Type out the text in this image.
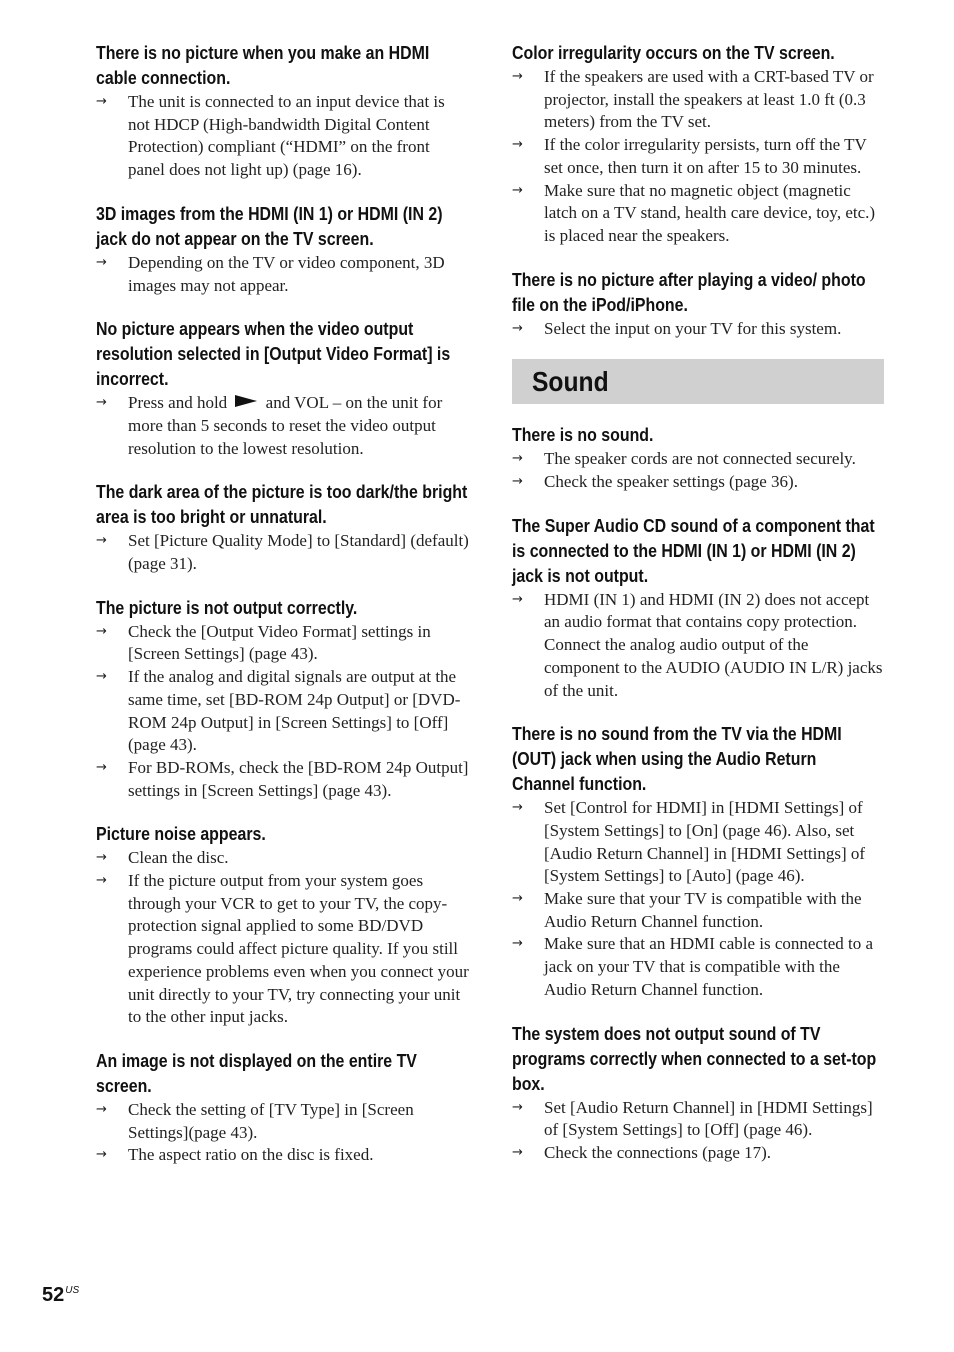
There is no picture when you make an HDMI cable connection.
→	The unit is connected to an input device that is not HDCP (High-bandwidth Digital Content Protection) compliant (“HDMI” on the front panel does not light up) (page 16).
3D images from the HDMI (IN 1) or HDMI (IN 2) jack do not appear on the TV screen.
→	Depending on the TV or video component, 3D images may not appear.
No picture appears when the video output resolution selected in [Output Video Format] is incorrect.
→	Press and hold and VOL – on the unit for more than 5 seconds to reset the video output resolution to the lowest resolution.
The dark area of the picture is too dark/the bright area is too bright or unnatural.
→	Set [Picture Quality Mode] to [Standard] (default) (page 31).
The picture is not output correctly.
→	Check the [Output Video Format] settings in [Screen Settings] (page 43).
→	If the analog and digital signals are output at the same time, set [BD-ROM 24p Output] or [DVD-ROM 24p Output] in [Screen Settings] to [Off] (page 43).
→	For BD-ROMs, check the [BD-ROM 24p Output] settings in [Screen Settings] (page 43).
Picture noise appears.
→	Clean the disc.
→	If the picture output from your system goes through your VCR to get to your TV, the copy-protection signal applied to some BD/DVD programs could affect picture quality. If you still experience problems even when you connect your unit directly to your TV, try connecting your unit to the other input jacks.
An image is not displayed on the entire TV screen.
→	Check the setting of [TV Type] in [Screen Settings](page 43).
→	The aspect ratio on the disc is fixed.
Color irregularity occurs on the TV screen.
→	If the speakers are used with a CRT-based TV or projector, install the speakers at least 1.0 ft (0.3 meters) from the TV set.
→	If the color irregularity persists, turn off the TV set once, then turn it on after 15 to 30 minutes.
→	Make sure that no magnetic object (magnetic latch on a TV stand, health care device, toy, etc.) is placed near the speakers.
There is no picture after playing a video/ photo file on the iPod/iPhone.
→	Select the input on your TV for this system.
Sound
There is no sound.
→	The speaker cords are not connected securely.
→	Check the speaker settings (page 36).
The Super Audio CD sound of a component that is connected to the HDMI (IN 1) or HDMI (IN 2) jack is not output.
→	HDMI (IN 1) and HDMI (IN 2) does not accept an audio format that contains copy protection. Connect the analog audio output of the component to the AUDIO (AUDIO IN L/R) jacks of the unit.
There is no sound from the TV via the HDMI (OUT) jack when using the Audio Return Channel function.
→	Set [Control for HDMI] in [HDMI Settings] of [System Settings] to [On] (page 46). Also, set [Audio Return Channel] in [HDMI Settings] of [System Settings] to [Auto] (page 46).
→	Make sure that your TV is compatible with the Audio Return Channel function.
→	Make sure that an HDMI cable is connected to a jack on your TV that is compatible with the Audio Return Channel function.
The system does not output sound of TV programs correctly when connected to a set-top box.
→	Set [Audio Return Channel] in [HDMI Settings] of [System Settings] to [Off] (page 46).
→	Check the connections (page 17).
$52^{US}$
